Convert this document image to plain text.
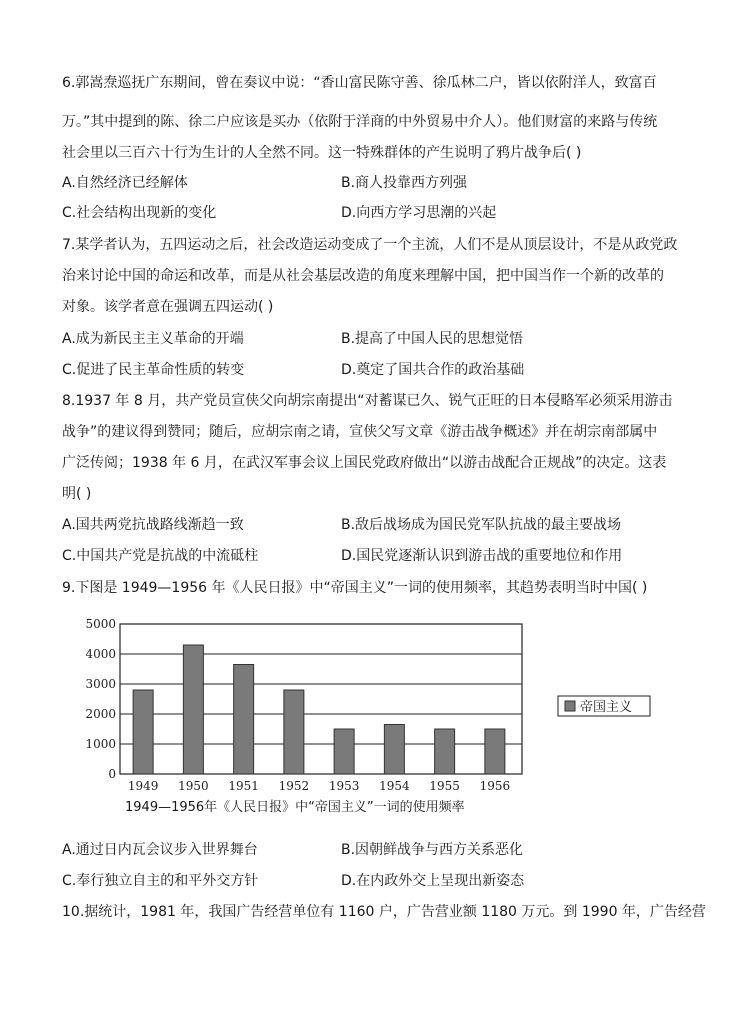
6.郭嵩焘巡抚广东期间，曾在奏议中说：“香山富民陈守善、徐瓜林二户，皆以依附洋人，致富百
万。”其中提到的陈、徐二户应该是买办（依附于洋商的中外贸易中介人）。他们财富的来路与传统
社会里以三百六十行为生计的人全然不同。这一特殊群体的产生说明了鸦片战争后( )
A.自然经济已经解体	B.商人投靠西方列强
C.社会结构出现新的变化	D.向西方学习思潮的兴起
7.某学者认为，五四运动之后，社会改造运动变成了一个主流，人们不是从顶层设计，不是从政党政
治来讨论中国的命运和改革，而是从社会基层改造的角度来理解中国，把中国当作一个新的改革的
对象。该学者意在强调五四运动( )
A.成为新民主主义革命的开端	B.提高了中国人民的思想觉悟
C.促进了民主革命性质的转变	D.奠定了国共合作的政治基础
8.1937 年 8 月，共产党员宣侠父向胡宗南提出“对蓄谋已久、锐气正旺的日本侵略军必须采用游击
战争”的建议得到赞同；随后，应胡宗南之请，宣侠父写文章《游击战争概述》并在胡宗南部属中
广泛传阅；1938 年 6 月，在武汉军事会议上国民党政府做出“以游击战配合正规战”的决定。这表
明( )
A.国共两党抗战路线渐趋一致	B.敌后战场成为国民党军队抗战的最主要战场
C.中国共产党是抗战的中流砥柱	D.国民党逐渐认识到游击战的重要地位和作用
9.下图是 1949—1956 年《人民日报》中“帝国主义”一词的使用频率，其趋势表明当时中国( )
0
1000
2000
3000
4000
5000
1949 1950 1951 1952 1953 1954 1955 1956
帝国主义
1949—1956年《人民日报》中“帝国主义”一词的使用频率
A.通过日内瓦会议步入世界舞台	B.因朝鲜战争与西方关系恶化
C.奉行独立自主的和平外交方针	D.在内政外交上呈现出新姿态
10.据统计，1981 年，我国广告经营单位有 1160 户，广告营业额 1180 万元。到 1990 年，广告经营
